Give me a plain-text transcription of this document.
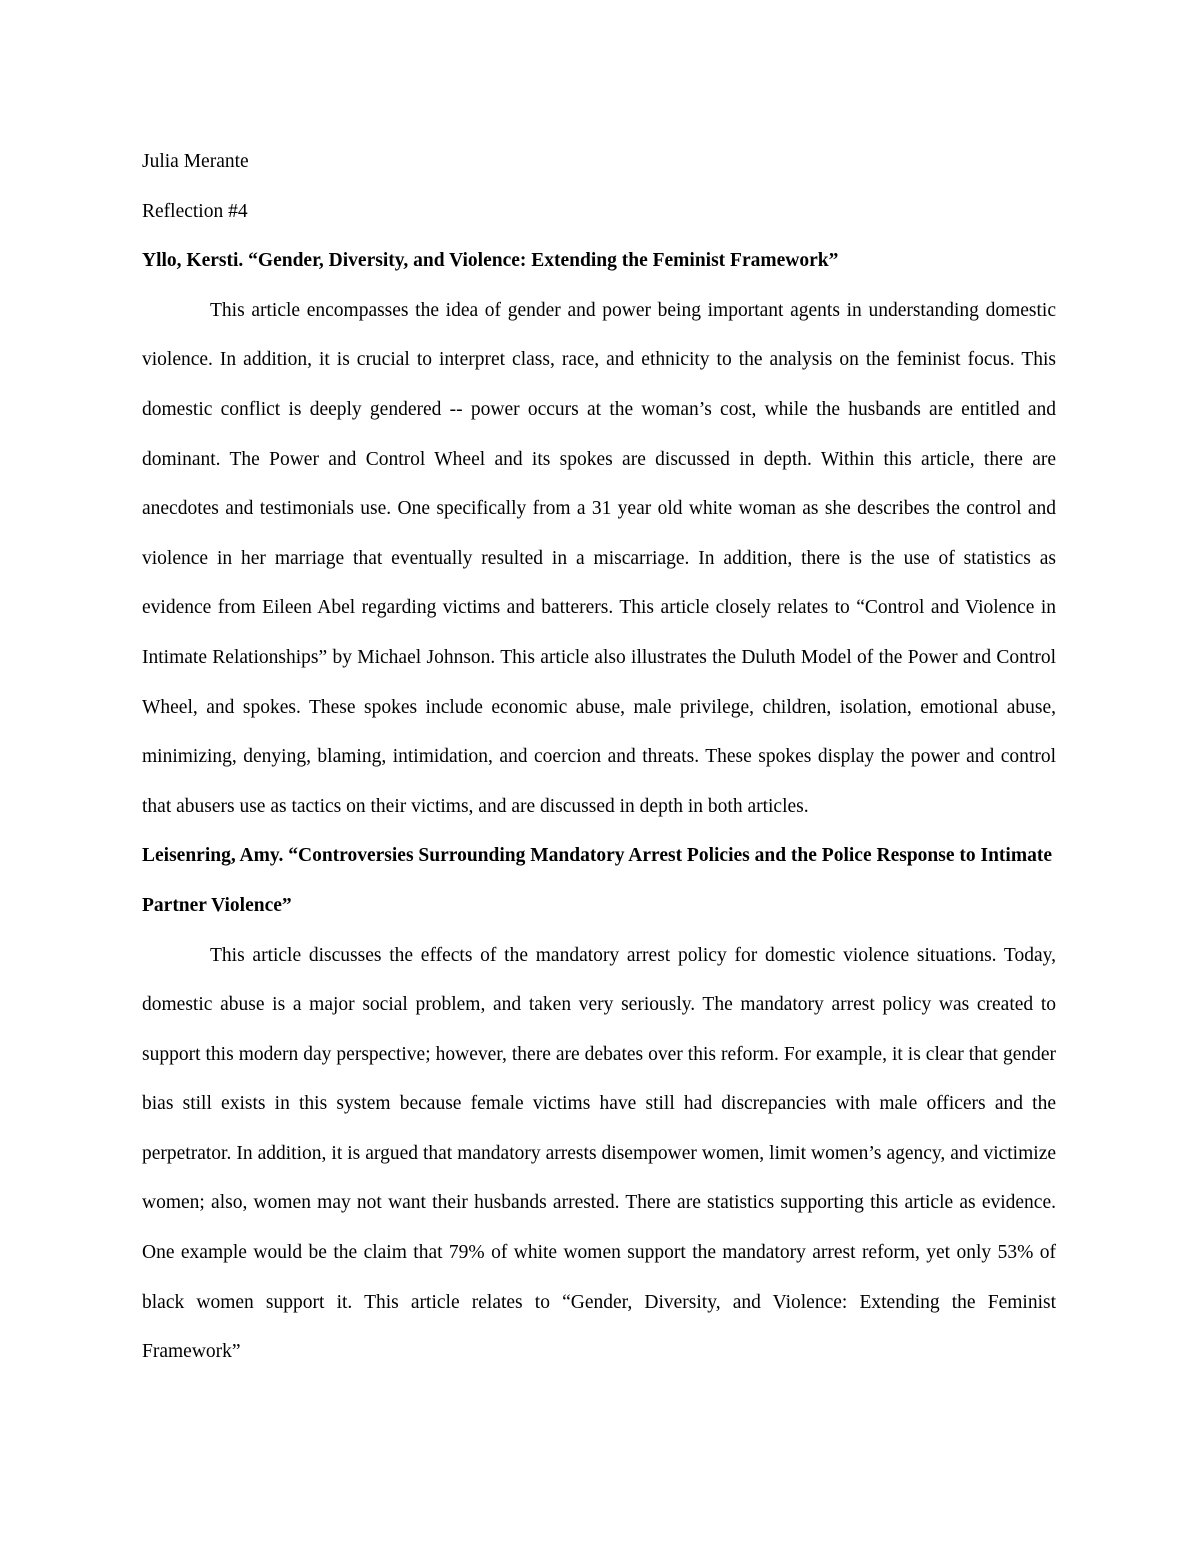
Julia Merante

Reflection #4

Yllo, Kersti. “Gender, Diversity, and Violence: Extending the Feminist Framework”

This article encompasses the idea of gender and power being important agents in understanding domestic violence. In addition, it is crucial to interpret class, race, and ethnicity to the analysis on the feminist focus. This domestic conflict is deeply gendered -- power occurs at the woman’s cost, while the husbands are entitled and dominant. The Power and Control Wheel and its spokes are discussed in depth. Within this article, there are anecdotes and testimonials use. One specifically from a 31 year old white woman as she describes the control and violence in her marriage that eventually resulted in a miscarriage. In addition, there is the use of statistics as evidence from Eileen Abel regarding victims and batterers. This article closely relates to “Control and Violence in Intimate Relationships” by Michael Johnson. This article also illustrates the Duluth Model of the Power and Control Wheel, and spokes. These spokes include economic abuse, male privilege, children, isolation, emotional abuse, minimizing, denying, blaming, intimidation, and coercion and threats. These spokes display the power and control that abusers use as tactics on their victims, and are discussed in depth in both articles.

Leisenring, Amy. “Controversies Surrounding Mandatory Arrest Policies and the Police Response to Intimate Partner Violence”

This article discusses the effects of the mandatory arrest policy for domestic violence situations. Today, domestic abuse is a major social problem, and taken very seriously. The mandatory arrest policy was created to support this modern day perspective; however, there are debates over this reform. For example, it is clear that gender bias still exists in this system because female victims have still had discrepancies with male officers and the perpetrator. In addition, it is argued that mandatory arrests disempower women, limit women’s agency, and victimize women; also, women may not want their husbands arrested. There are statistics supporting this article as evidence. One example would be the claim that 79% of white women support the mandatory arrest reform, yet only 53% of black women support it. This article relates to “Gender, Diversity, and Violence: Extending the Feminist Framework”
